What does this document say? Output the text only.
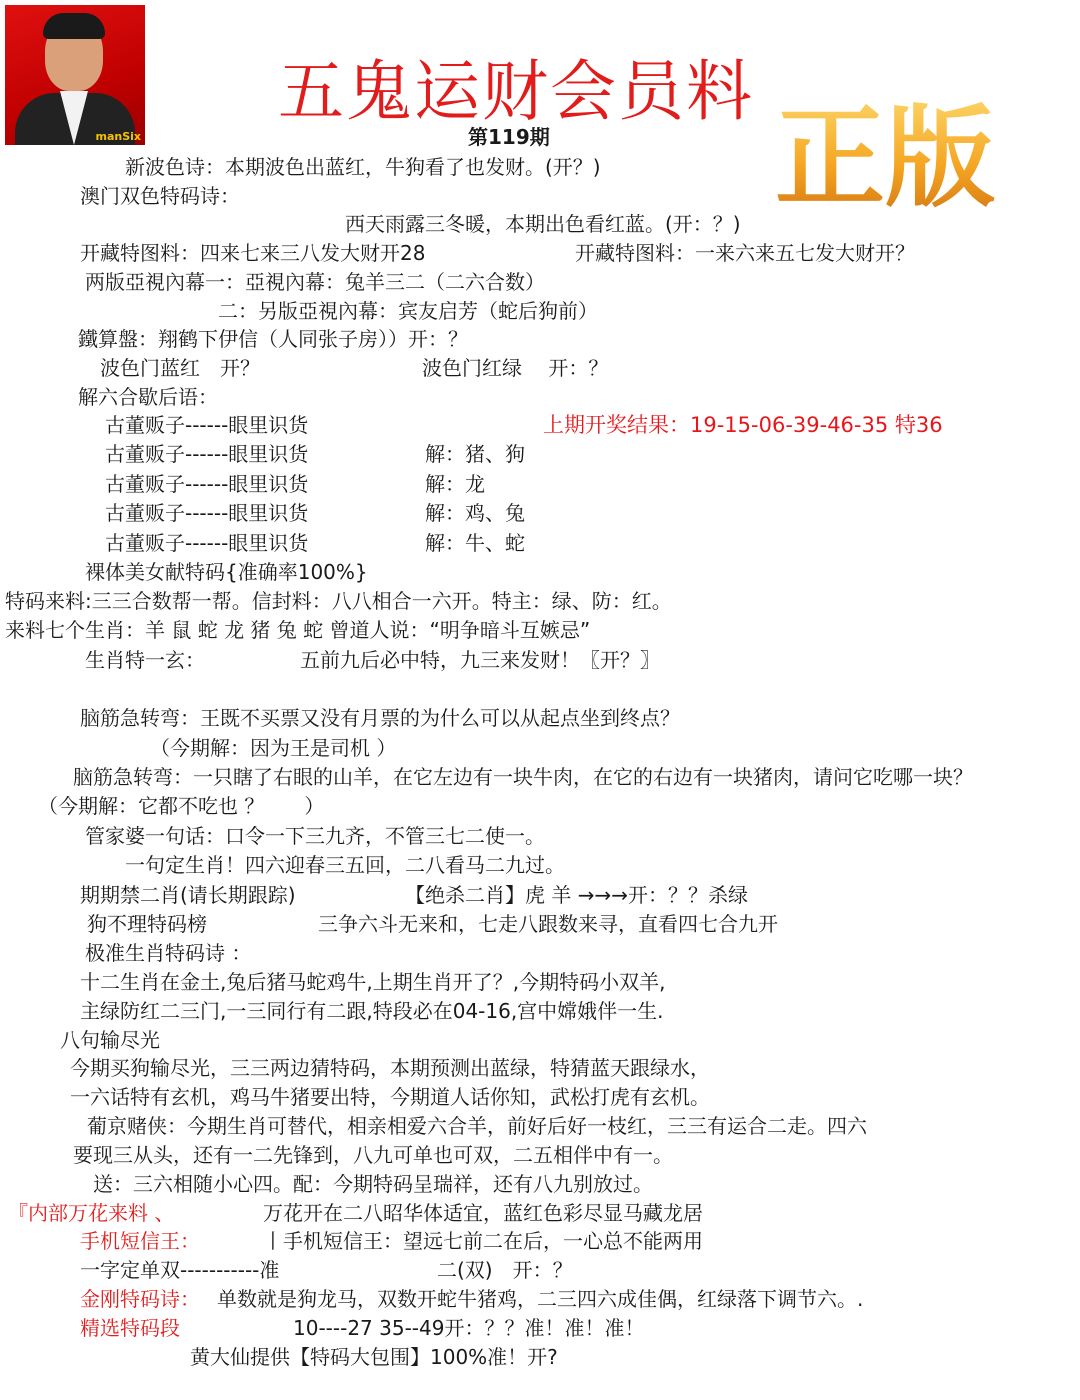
manSix
五鬼运财会员料
第119期 正版
新波色诗：本期波色出蓝红，牛狗看了也发财。(开？)
澳门双色特码诗：
西天雨露三冬暖，本期出色看红蓝。(开：？)
开藏特图料：四来七来三八发大财开28	开藏特图料：一来六来五七发大财开？
两版亞視內幕一：亞視內幕：兔羊三二（二六合数）
二：另版亞視內幕：宾友启芳（蛇后狗前）
鐵算盤：翔鹤下伊信（人同张子房））开：？
波色门蓝红　开？	波色门红绿　 开：？
解六合歇后语：
古董贩子------眼里识货	上期开奖结果：19-15-06-39-46-35 特36
古董贩子------眼里识货	解：猪、狗
古董贩子------眼里识货	解：龙
古董贩子------眼里识货	解：鸡、兔
古董贩子------眼里识货	解：牛、蛇
裸体美女献特码{准确率100%}
特码来料:三三合数帮一帮。信封料：八八相合一六开。特主：绿、防：红。
来料七个生肖：羊 鼠 蛇 龙 猪 兔 蛇 曾道人说：“明争暗斗互嫉忌”
生肖特一玄：	五前九后必中特，九三来发财！〖开？〗
脑筋急转弯：王既不买票又没有月票的为什么可以从起点坐到终点？
（今期解：因为王是司机 ）
脑筋急转弯：一只瞎了右眼的山羊，在它左边有一块牛肉，在它的右边有一块猪肉，请问它吃哪一块？
（今期解：它都不吃也 ？　　）
管家婆一句话：口令一下三九齐，不管三七二使一。
一句定生肖！四六迎春三五回，二八看马二九过。
期期禁二肖(请长期跟踪)	【绝杀二肖】虎 羊 →→→开：？？杀绿
狗不理特码榜	三争六斗无来和，七走八跟数来寻，直看四七合九开
极准生肖特码诗 ：
十二生肖在金土,兔后猪马蛇鸡牛,上期生肖开了？,今期特码小双羊,
主绿防红二三门,一三同行有二跟,特段必在04-16,宫中嫦娥伴一生.
八句输尽光
今期买狗输尽光，三三两边猜特码，本期预测出蓝绿，特猜蓝天跟绿水，
一六话特有玄机，鸡马牛猪要出特，今期道人话你知，武松打虎有玄机。
葡京赌侠：今期生肖可替代，相亲相爱六合羊，前好后好一枝红，三三有运合二走。四六
要现三从头，还有一二先锋到，八九可单也可双，二五相伴中有一。
送：三六相随小心四。配：今期特码呈瑞祥，还有八九别放过。
『内部万花来料 、	万花开在二八昭华体适宜，蓝红色彩尽显马藏龙居
手机短信王：	丨手机短信王：望远七前二在后，一心总不能两用
一字定单双-----------准	二(双)　开：？
金刚特码诗： 单数就是狗龙马，双数开蛇牛猪鸡，二三四六成佳偶，红绿落下调节六。.
精选特码段	10----27 35--49开：？？准！准！准！
黄大仙提供【特码大包围】100%准！开?
